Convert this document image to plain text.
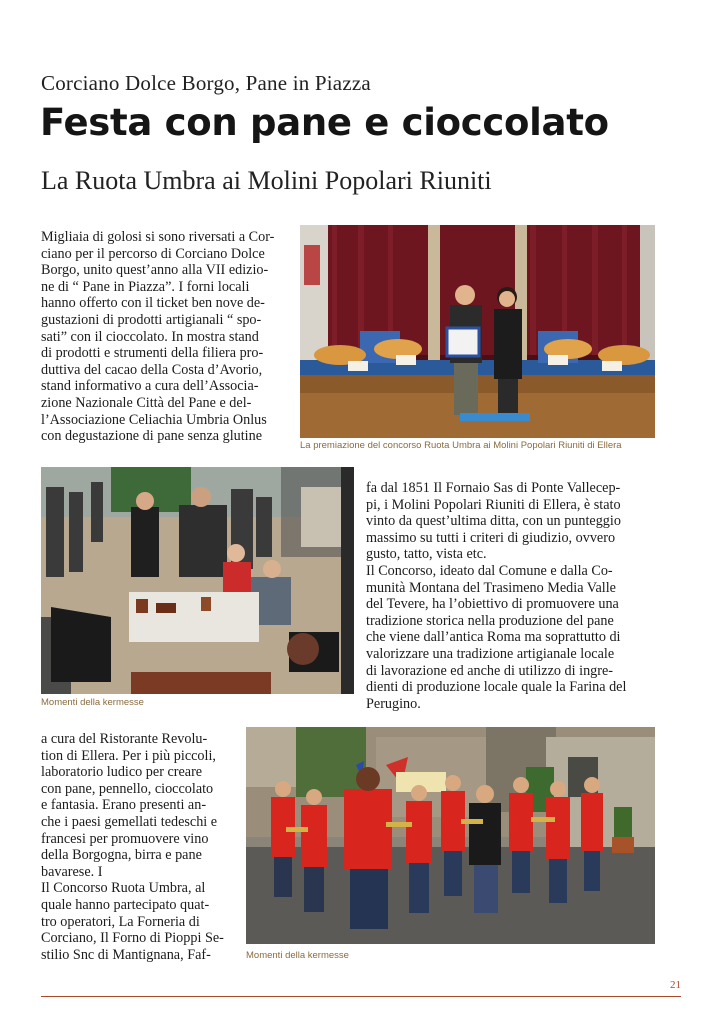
Corciano Dolce Borgo, Pane in Piazza
Festa con pane e cioccolato
La Ruota Umbra ai Molini Popolari Riuniti

Migliaia di golosi si sono riversati a Cor-

ciano per il percorso di Corciano Dolce

Borgo, unito quest’anno alla VII edizio-

ne di “ Pane in Piazza”. I forni locali

hanno offerto con il ticket ben nove de-

gustazioni di prodotti artigianali “ spo-

sati” con il cioccolato. In mostra stand

di prodotti e strumenti della filiera pro-

duttiva del cacao della Costa d’Avorio,

stand informativo a cura dell’Associa-

zione Nazionale Città del Pane e del-

l’Associazione Celiachia Umbria Onlus

con degustazione di pane senza glutine

La premiazione del concorso Ruota Umbra ai Molini Popolari Riuniti di Ellera
Momenti della kermesse

fa dal 1851 Il Fornaio Sas di Ponte Vallecep-

pi, i Molini Popolari Riuniti di Ellera, è stato

vinto da quest’ultima ditta, con un punteggio

massimo su tutti i criteri di giudizio, ovvero

gusto, tatto, vista etc.

Il Concorso, ideato dal Comune e dalla Co-

munità Montana del Trasimeno Media Valle

del Tevere, ha l’obiettivo di promuovere una

tradizione storica nella produzione del pane

che viene dall’antica Roma ma soprattutto di

valorizzare una tradizione artigianale locale

di lavorazione ed anche di utilizzo di ingre-

dienti di produzione locale quale la Farina del

Perugino.

a cura del Ristorante Revolu-

tion di Ellera. Per i più piccoli,

laboratorio ludico per creare

con pane, pennello, cioccolato

e fantasia. Erano presenti an-

che i paesi gemellati tedeschi e

francesi per promuovere vino

della Borgogna, birra e pane

bavarese. I

Il Concorso Ruota Umbra, al

quale hanno partecipato quat-

tro operatori, La Forneria di

Corciano, Il Forno di Pioppi Se-

stilio Snc di Mantignana, Faf-	Momenti della kermesse
21
